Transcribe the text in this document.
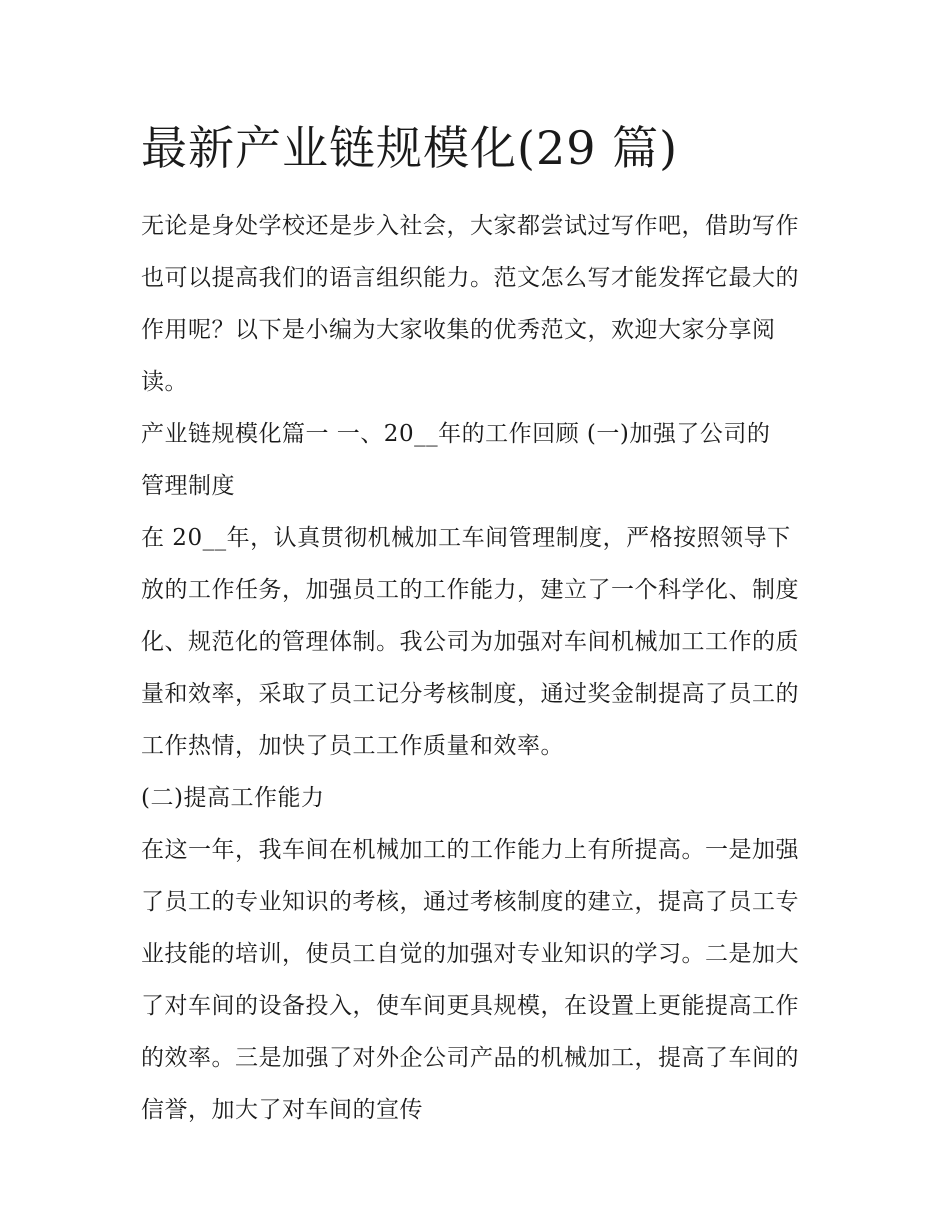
最新产业链规模化(29 篇)

无论是身处学校还是步入社会，大家都尝试过写作吧，借助写作也可以提高我们的语言组织能力。范文怎么写才能发挥它最大的作用呢？以下是小编为大家收集的优秀范文，欢迎大家分享阅读。

产业链规模化篇一 一、20__年的工作回顾 (一)加强了公司的

管理制度

在 20__年，认真贯彻机械加工车间管理制度，严格按照领导下放的工作任务，加强员工的工作能力，建立了一个科学化、制度化、规范化的管理体制。我公司为加强对车间机械加工工作的质量和效率，采取了员工记分考核制度，通过奖金制提高了员工的工作热情，加快了员工工作质量和效率。

(二)提高工作能力

在这一年，我车间在机械加工的工作能力上有所提高。一是加强了员工的专业知识的考核，通过考核制度的建立，提高了员工专业技能的培训，使员工自觉的加强对专业知识的学习。二是加大了对车间的设备投入，使车间更具规模，在设置上更能提高工作的效率。三是加强了对外企公司产品的机械加工，提高了车间的信誉，加大了对车间的宣传
